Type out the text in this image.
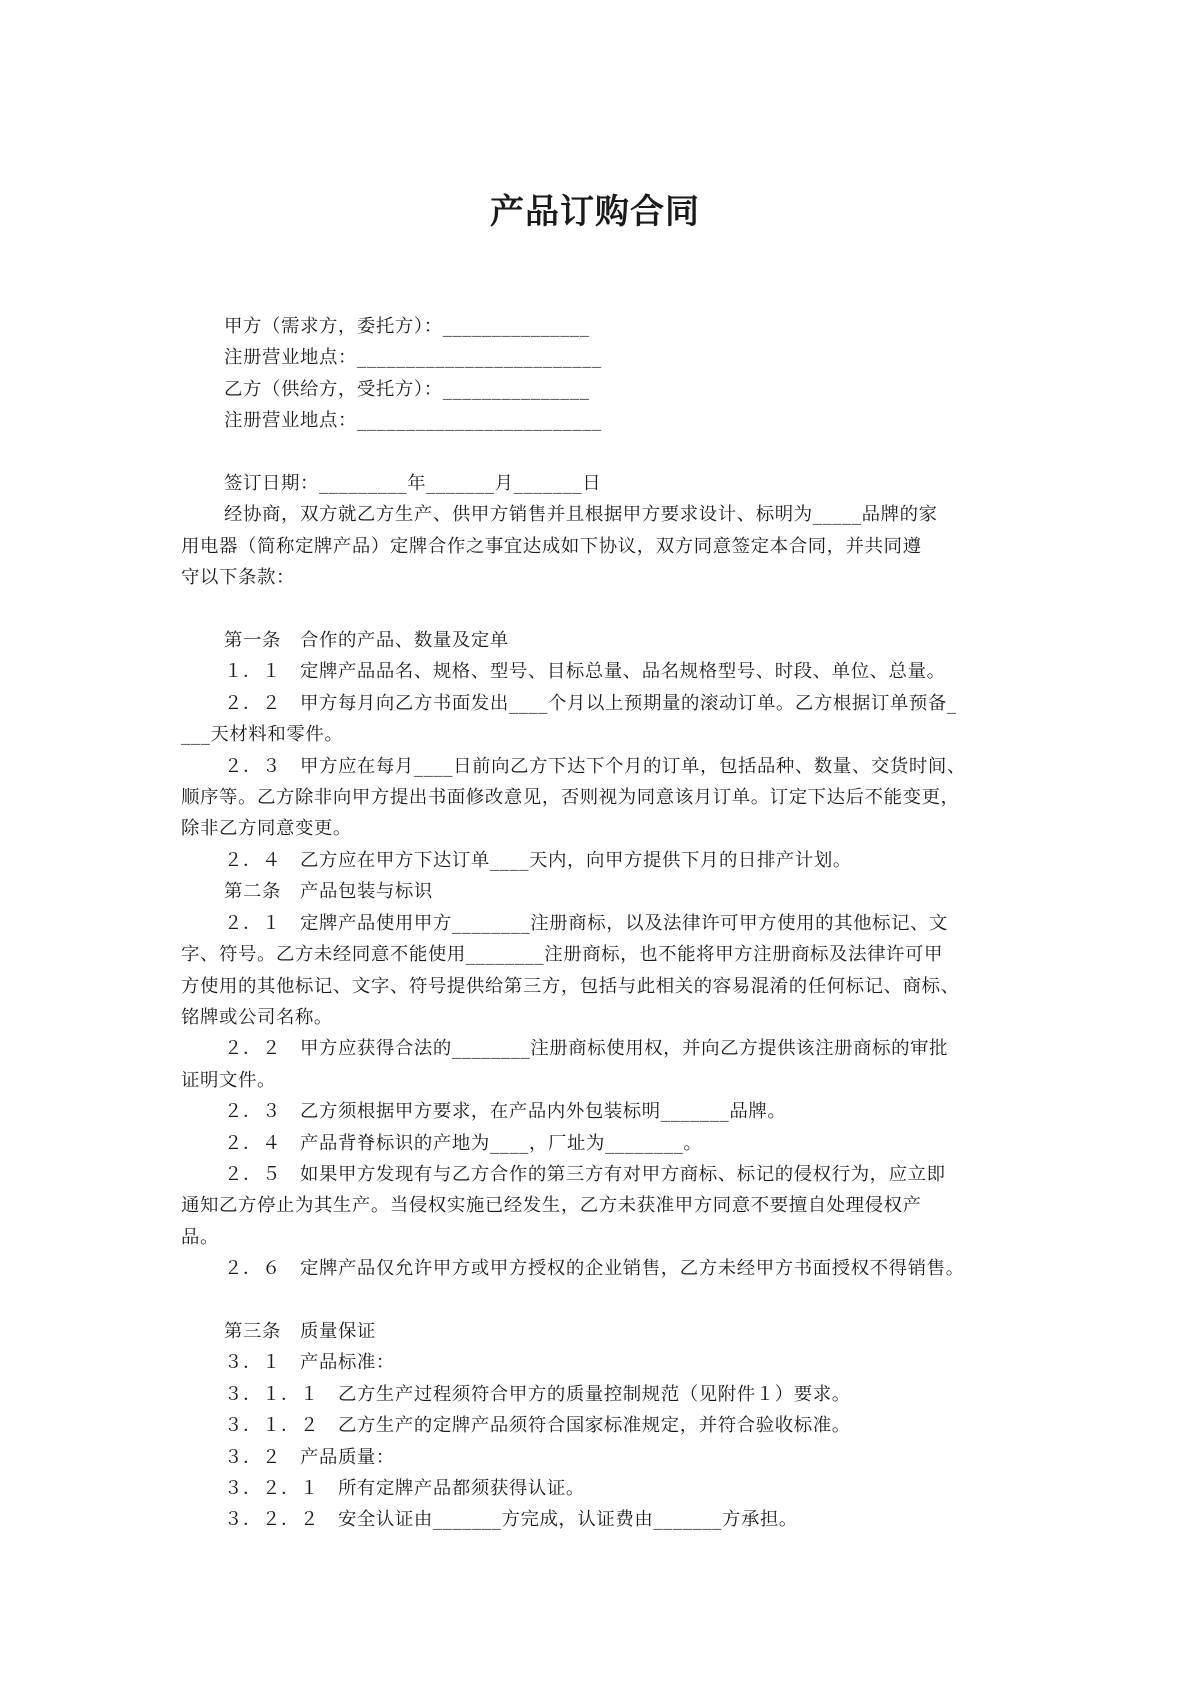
产品订购合同

甲方（需求方，委托方）：_______________

注册营业地点：_________________________

乙方（供给方，受托方）：_______________

注册营业地点：_________________________

签订日期：_________年_______月_______日

经协商，双方就乙方生产、供甲方销售并且根据甲方要求设计、标明为_____品牌的家

用电器（简称定牌产品）定牌合作之事宜达成如下协议，双方同意签定本合同，并共同遵

守以下条款：

第一条　合作的产品、数量及定单

１．１　定牌产品品名、规格、型号、目标总量、品名规格型号、时段、单位、总量。

２．２　甲方每月向乙方书面发出____个月以上预期量的滚动订单。乙方根据订单预备_

___天材料和零件。

２．３　甲方应在每月____日前向乙方下达下个月的订单，包括品种、数量、交货时间、

顺序等。乙方除非向甲方提出书面修改意见，否则视为同意该月订单。订定下达后不能变更，

除非乙方同意变更。

２．４　乙方应在甲方下达订单____天内，向甲方提供下月的日排产计划。

第二条　产品包装与标识

２．１　定牌产品使用甲方________注册商标，以及法律许可甲方使用的其他标记、文

字、符号。乙方未经同意不能使用________注册商标，也不能将甲方注册商标及法律许可甲

方使用的其他标记、文字、符号提供给第三方，包括与此相关的容易混淆的任何标记、商标、

铭牌或公司名称。

２．２　甲方应获得合法的________注册商标使用权，并向乙方提供该注册商标的审批

证明文件。

２．３　乙方须根据甲方要求，在产品内外包装标明_______品牌。

２．４　产品背脊标识的产地为____，厂址为________。

２．５　如果甲方发现有与乙方合作的第三方有对甲方商标、标记的侵权行为，应立即

通知乙方停止为其生产。当侵权实施已经发生，乙方未获准甲方同意不要擅自处理侵权产

品。

２．６　定牌产品仅允许甲方或甲方授权的企业销售，乙方未经甲方书面授权不得销售。

第三条　质量保证

３．１　产品标准：

３．１．１　乙方生产过程须符合甲方的质量控制规范（见附件１）要求。

３．１．２　乙方生产的定牌产品须符合国家标准规定，并符合验收标准。

３．２　产品质量：

３．２．１　所有定牌产品都须获得认证。

３．２．２　安全认证由_______方完成，认证费由_______方承担。
